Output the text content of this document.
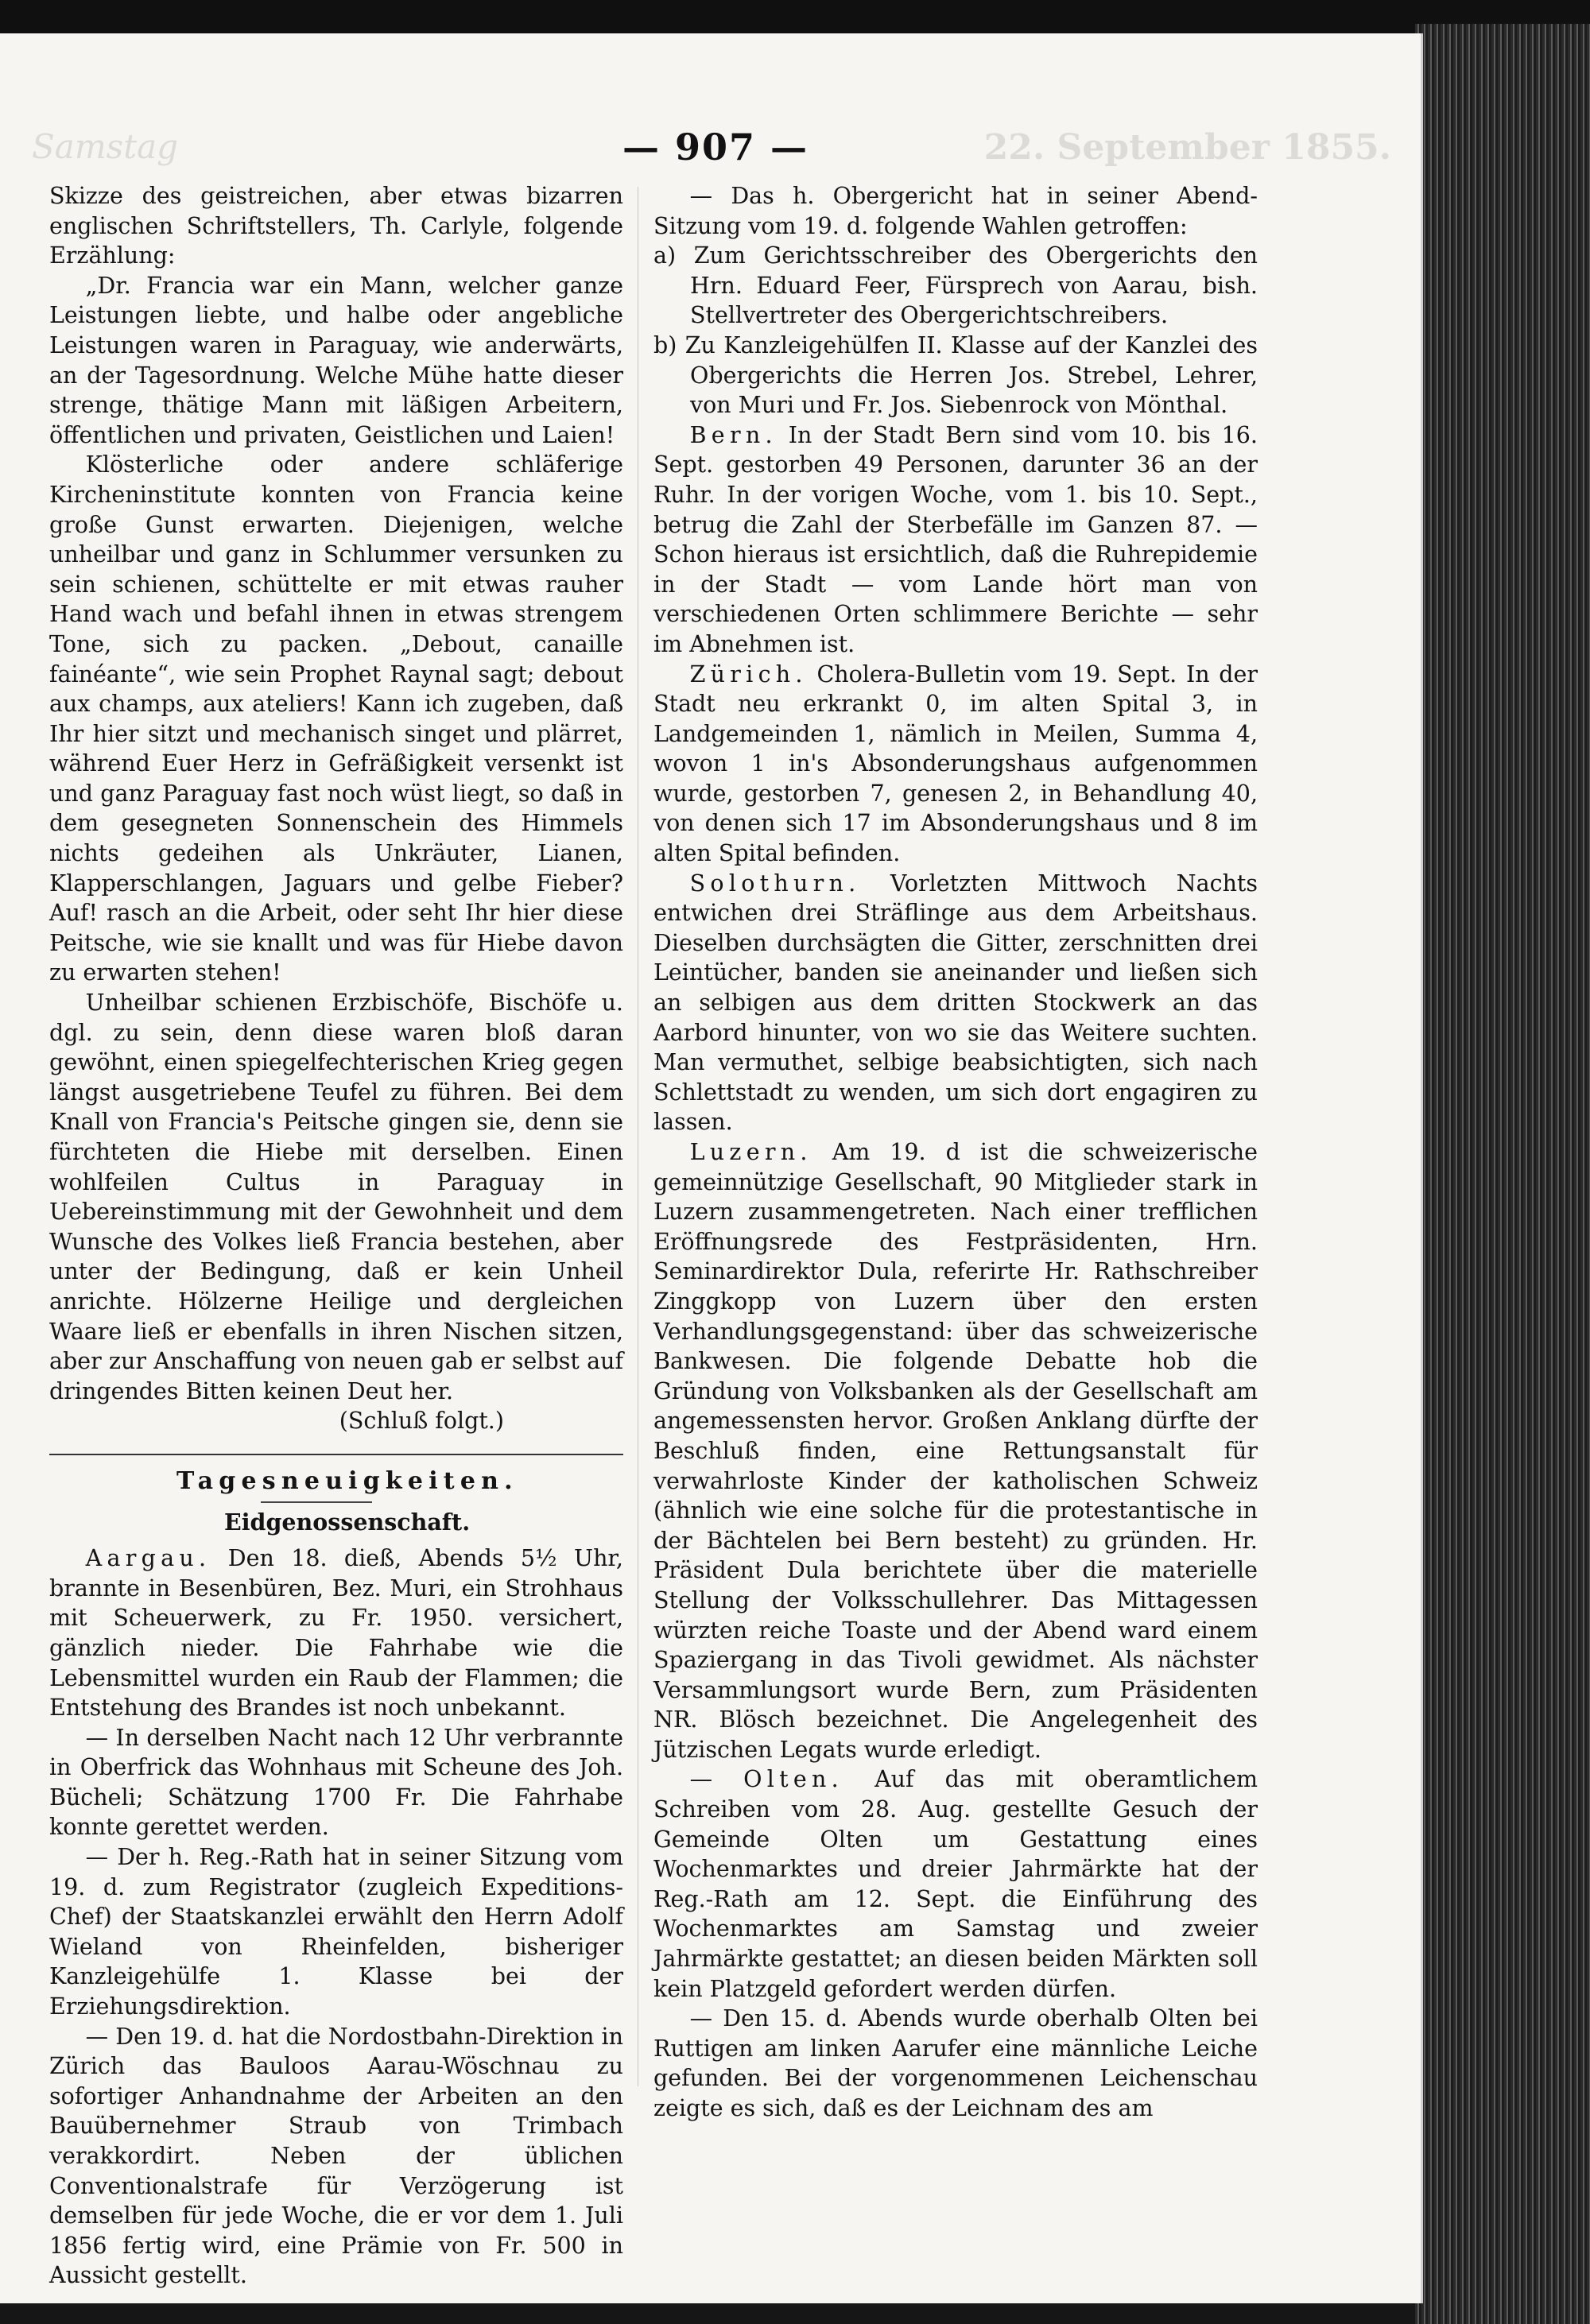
Samstag	— 907 —	22. September 1855.

Skizze des geistreichen, aber etwas bizarren englischen Schriftstellers, Th. Carlyle, folgende Erzählung:

„Dr. Francia war ein Mann, welcher ganze Leistungen liebte, und halbe oder angebliche Leistungen waren in Paraguay, wie anderwärts, an der Tagesordnung. Welche Mühe hatte dieser strenge, thätige Mann mit läßigen Arbeitern, öffentlichen und privaten, Geistlichen und Laien!

Klösterliche oder andere schläferige Kircheninstitute konnten von Francia keine große Gunst erwarten. Diejenigen, welche unheilbar und ganz in Schlummer versunken zu sein schienen, schüttelte er mit etwas rauher Hand wach und befahl ihnen in etwas strengem Tone, sich zu packen. „Debout, canaille fainéante“, wie sein Prophet Raynal sagt; debout aux champs, aux ateliers! Kann ich zugeben, daß Ihr hier sitzt und mechanisch singet und plärret, während Euer Herz in Gefräßigkeit versenkt ist und ganz Paraguay fast noch wüst liegt, so daß in dem gesegneten Sonnenschein des Himmels nichts gedeihen als Unkräuter, Lianen, Klapperschlangen, Jaguars und gelbe Fieber? Auf! rasch an die Arbeit, oder seht Ihr hier diese Peitsche, wie sie knallt und was für Hiebe davon zu erwarten stehen!

Unheilbar schienen Erzbischöfe, Bischöfe u. dgl. zu sein, denn diese waren bloß daran gewöhnt, einen spiegelfechterischen Krieg gegen längst ausgetriebene Teufel zu führen. Bei dem Knall von Francia's Peitsche gingen sie, denn sie fürchteten die Hiebe mit derselben. Einen wohlfeilen Cultus in Paraguay in Uebereinstimmung mit der Gewohnheit und dem Wunsche des Volkes ließ Francia bestehen, aber unter der Bedingung, daß er kein Unheil anrichte. Hölzerne Heilige und dergleichen Waare ließ er ebenfalls in ihren Nischen sitzen, aber zur Anschaffung von neuen gab er selbst auf dringendes Bitten keinen Deut her.

(Schluß folgt.)

Tagesneuigkeiten.
Eidgenossenschaft.

Aargau. Den 18. dieß, Abends 5½ Uhr, brannte in Besenbüren, Bez. Muri, ein Strohhaus mit Scheuerwerk, zu Fr. 1950. versichert, gänzlich nieder. Die Fahrhabe wie die Lebensmittel wurden ein Raub der Flammen; die Entstehung des Brandes ist noch unbekannt.

— In derselben Nacht nach 12 Uhr verbrannte in Oberfrick das Wohnhaus mit Scheune des Joh. Bücheli; Schätzung 1700 Fr. Die Fahrhabe konnte gerettet werden.

— Der h. Reg.-Rath hat in seiner Sitzung vom 19. d. zum Registrator (zugleich Expeditions-Chef) der Staatskanzlei erwählt den Herrn Adolf Wieland von Rheinfelden, bisheriger Kanzleigehülfe 1. Klasse bei der Erziehungsdirektion.

— Den 19. d. hat die Nordostbahn-Direktion in Zürich das Bauloos Aarau-Wöschnau zu sofortiger Anhandnahme der Arbeiten an den Bauübernehmer Straub von Trimbach verakkordirt. Neben der üblichen Conventionalstrafe für Verzögerung ist demselben für jede Woche, die er vor dem 1. Juli 1856 fertig wird, eine Prämie von Fr. 500 in Aussicht gestellt.

— Das h. Obergericht hat in seiner Abend-Sitzung vom 19. d. folgende Wahlen getroffen:

a) Zum Gerichtsschreiber des Obergerichts den Hrn. Eduard Feer, Fürsprech von Aarau, bish. Stellvertreter des Obergerichtschreibers.

b) Zu Kanzleigehülfen II. Klasse auf der Kanzlei des Obergerichts die Herren Jos. Strebel, Lehrer, von Muri und Fr. Jos. Siebenrock von Mönthal.

Bern. In der Stadt Bern sind vom 10. bis 16. Sept. gestorben 49 Personen, darunter 36 an der Ruhr. In der vorigen Woche, vom 1. bis 10. Sept., betrug die Zahl der Sterbefälle im Ganzen 87. — Schon hieraus ist ersichtlich, daß die Ruhrepidemie in der Stadt — vom Lande hört man von verschiedenen Orten schlimmere Berichte — sehr im Abnehmen ist.

Zürich. Cholera-Bulletin vom 19. Sept. In der Stadt neu erkrankt 0, im alten Spital 3, in Landgemeinden 1, nämlich in Meilen, Summa 4, wovon 1 in's Absonderungshaus aufgenommen wurde, gestorben 7, genesen 2, in Behandlung 40, von denen sich 17 im Absonderungshaus und 8 im alten Spital befinden.

Solothurn. Vorletzten Mittwoch Nachts entwichen drei Sträflinge aus dem Arbeitshaus. Dieselben durchsägten die Gitter, zerschnitten drei Leintücher, banden sie aneinander und ließen sich an selbigen aus dem dritten Stockwerk an das Aarbord hinunter, von wo sie das Weitere suchten. Man vermuthet, selbige beabsichtigten, sich nach Schlettstadt zu wenden, um sich dort engagiren zu lassen.

Luzern. Am 19. d ist die schweizerische gemeinnützige Gesellschaft, 90 Mitglieder stark in Luzern zusammengetreten. Nach einer trefflichen Eröffnungsrede des Festpräsidenten, Hrn. Seminardirektor Dula, referirte Hr. Rathschreiber Zinggkopp von Luzern über den ersten Verhandlungsgegenstand: über das schweizerische Bankwesen. Die folgende Debatte hob die Gründung von Volksbanken als der Gesellschaft am angemessensten hervor. Großen Anklang dürfte der Beschluß finden, eine Rettungsanstalt für verwahrloste Kinder der katholischen Schweiz (ähnlich wie eine solche für die protestantische in der Bächtelen bei Bern besteht) zu gründen. Hr. Präsident Dula berichtete über die materielle Stellung der Volksschullehrer. Das Mittagessen würzten reiche Toaste und der Abend ward einem Spaziergang in das Tivoli gewidmet. Als nächster Versammlungsort wurde Bern, zum Präsidenten NR. Blösch bezeichnet. Die Angelegenheit des Jützischen Legats wurde erledigt.

— Olten. Auf das mit oberamtlichem Schreiben vom 28. Aug. gestellte Gesuch der Gemeinde Olten um Gestattung eines Wochenmarktes und dreier Jahrmärkte hat der Reg.-Rath am 12. Sept. die Einführung des Wochenmarktes am Samstag und zweier Jahrmärkte gestattet; an diesen beiden Märkten soll kein Platzgeld gefordert werden dürfen.

— Den 15. d. Abends wurde oberhalb Olten bei Ruttigen am linken Aarufer eine männliche Leiche gefunden. Bei der vorgenommenen Leichenschau zeigte es sich, daß es der Leichnam des am
